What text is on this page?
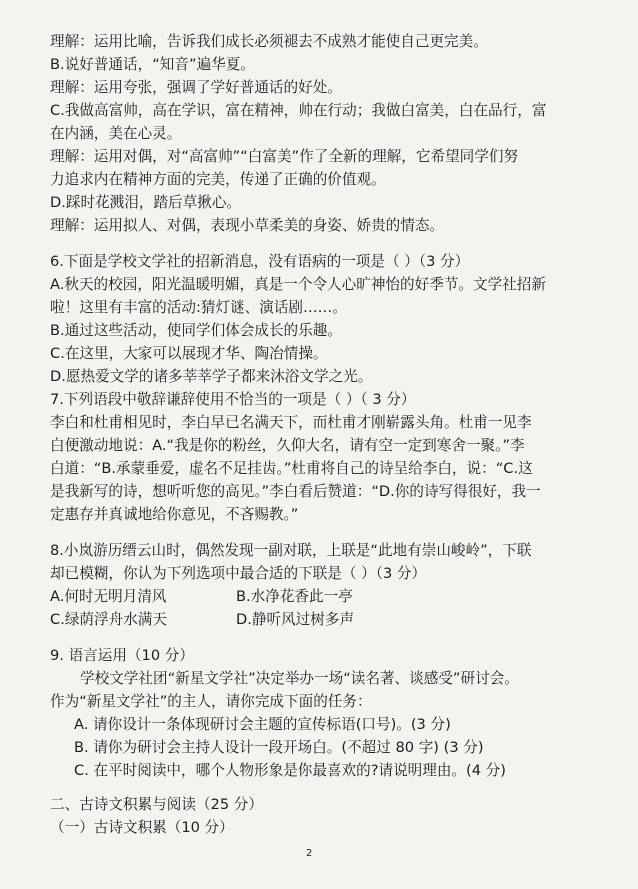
理解：运用比喻，告诉我们成长必须褪去不成熟才能使自己更完美。
B.说好普通话，“知音”遍华夏。
理解：运用夸张，强调了学好普通话的好处。
C.我做高富帅，高在学识，富在精神，帅在行动；我做白富美，白在品行，富
在内涵，美在心灵。
理解：运用对偶，对“高富帅”“白富美”作了全新的理解，它希望同学们努
力追求内在精神方面的完美，传递了正确的价值观。
D.踩时花溅泪，踏后草揪心。
理解：运用拟人、对偶，表现小草柔美的身姿、娇贵的情态。
6.下面是学校文学社的招新消息，没有语病的一项是（ ）（3 分）
A.秋天的校园，阳光温暖明媚，真是一个令人心旷神怡的好季节。文学社招新
啦！这里有丰富的活动:猜灯谜、演话剧……。
B.通过这些活动，使同学们体会成长的乐趣。
C.在这里，大家可以展现才华、陶冶情操。
D.愿热爱文学的诸多莘莘学子都来沐浴文学之光。
7.下列语段中敬辞谦辞使用不恰当的一项是（ ）（ 3 分）
李白和杜甫相见时，李白早已名满天下，而杜甫才刚崭露头角。杜甫一见李
白便激动地说：A.“我是你的粉丝，久仰大名，请有空一定到寒舍一聚。”李
白道：“B.承蒙垂爱，虚名不足挂齿。”杜甫将自己的诗呈给李白，说：“C.这
是我新写的诗，想听听您的高见。”李白看后赞道：“D.你的诗写得很好，我一
定惠存并真诚地给你意见，不吝赐教。”
8.小岚游历缙云山时，偶然发现一副对联，上联是“此地有崇山峻岭”，下联
却已模糊，你认为下列选项中最合适的下联是（ ）（3 分）
A.何时无明月清风	B.水净花香此一亭
C.绿荫浮舟水满天	D.静听风过树多声
9. 语言运用（10 分）
学校文学社团“新星文学社”决定举办一场“读名著、谈感受”研讨会。
作为“新星文学社”的主人，请你完成下面的任务：
A. 请你设计一条体现研讨会主题的宣传标语(口号)。(3 分)
B. 请你为研讨会主持人设计一段开场白。(不超过 80 字) (3 分)
C. 在平时阅读中，哪个人物形象是你最喜欢的?请说明理由。(4 分)
二、古诗文积累与阅读（25 分）
（一）古诗文积累（10 分）
2
